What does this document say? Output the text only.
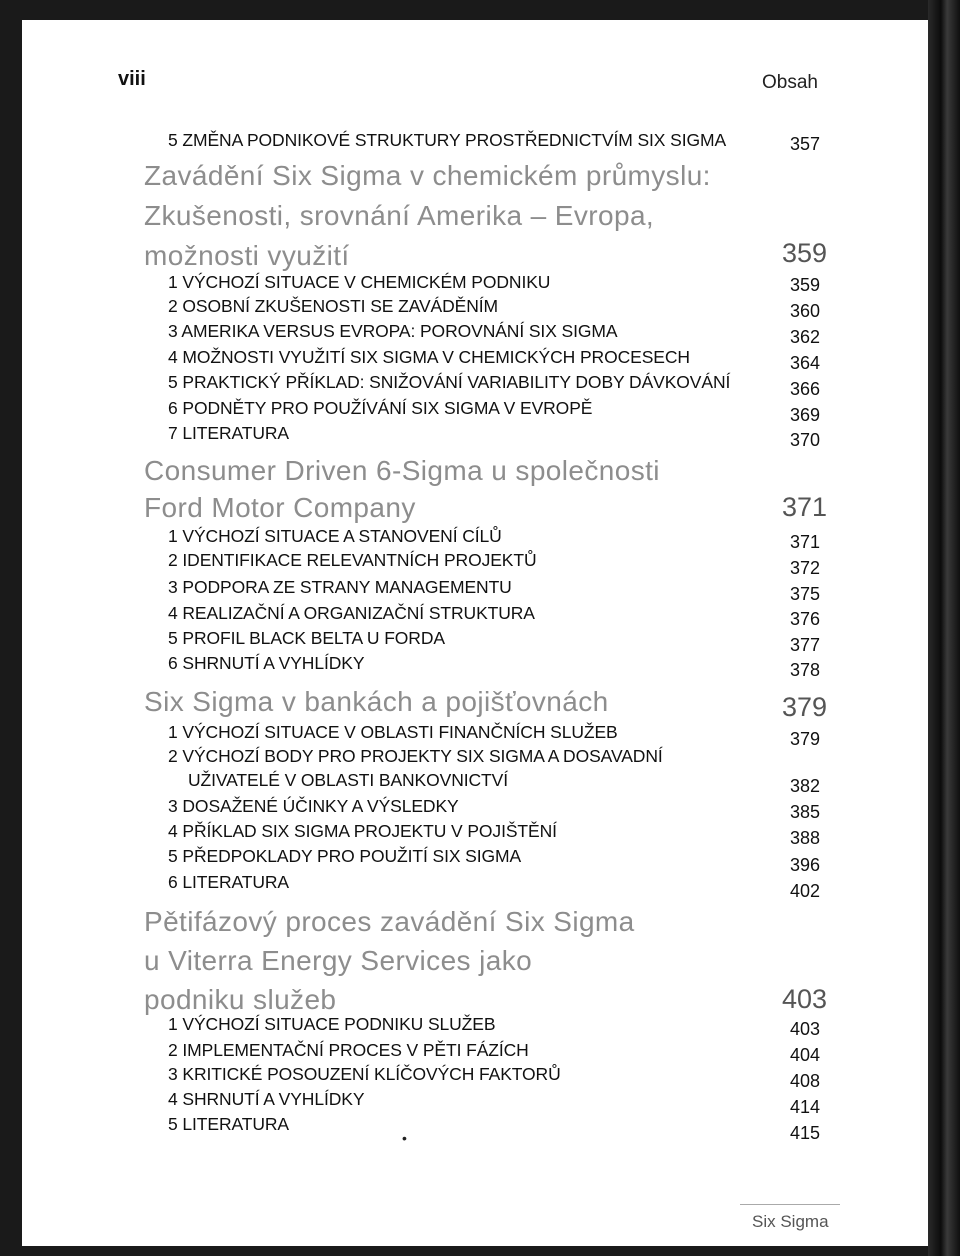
viii	Obsah
5 ZMĚNA PODNIKOVÉ STRUKTURY PROSTŘEDNICTVÍM SIX SIGMA	357
Zavádění Six Sigma v chemickém průmyslu:
Zkušenosti, srovnání Amerika – Evropa,
možnosti využití	359
1 VÝCHOZÍ SITUACE V CHEMICKÉM PODNIKU	359
2 OSOBNÍ ZKUŠENOSTI SE ZAVÁDĚNÍM	360
3 AMERIKA VERSUS EVROPA: POROVNÁNÍ SIX SIGMA	362
4 MOŽNOSTI VYUŽITÍ SIX SIGMA V CHEMICKÝCH PROCESECH	364
5 PRAKTICKÝ PŘÍKLAD: SNIŽOVÁNÍ VARIABILITY DOBY DÁVKOVÁNÍ	366
6 PODNĚTY PRO POUŽÍVÁNÍ SIX SIGMA V EVROPĚ	369
7 LITERATURA	370
Consumer Driven 6-Sigma u společnosti
Ford Motor Company	371
1 VÝCHOZÍ SITUACE A STANOVENÍ CÍLŮ	371
2 IDENTIFIKACE RELEVANTNÍCH PROJEKTŮ	372
3 PODPORA ZE STRANY MANAGEMENTU	375
4 REALIZAČNÍ A ORGANIZAČNÍ STRUKTURA	376
5 PROFIL BLACK BELTA U FORDA	377
6 SHRNUTÍ A VYHLÍDKY	378
Six Sigma v bankách a pojišťovnách	379
1 VÝCHOZÍ SITUACE V OBLASTI FINANČNÍCH SLUŽEB	379
2 VÝCHOZÍ BODY PRO PROJEKTY SIX SIGMA A DOSAVADNÍ
UŽIVATELÉ V OBLASTI BANKOVNICTVÍ	382
3 DOSAŽENÉ ÚČINKY A VÝSLEDKY	385
4 PŘÍKLAD SIX SIGMA PROJEKTU V POJIŠTĚNÍ	388
5 PŘEDPOKLADY PRO POUŽITÍ SIX SIGMA	396
6 LITERATURA	402
Pětifázový proces zavádění Six Sigma
u Viterra Energy Services jako
podniku služeb	403
1 VÝCHOZÍ SITUACE PODNIKU SLUŽEB	403
2 IMPLEMENTAČNÍ PROCES V PĚTI FÁZÍCH	404
3 KRITICKÉ POSOUZENÍ KLÍČOVÝCH FAKTORŮ	408
4 SHRNUTÍ A VYHLÍDKY	414
5 LITERATURA	415
Six Sigma
•
